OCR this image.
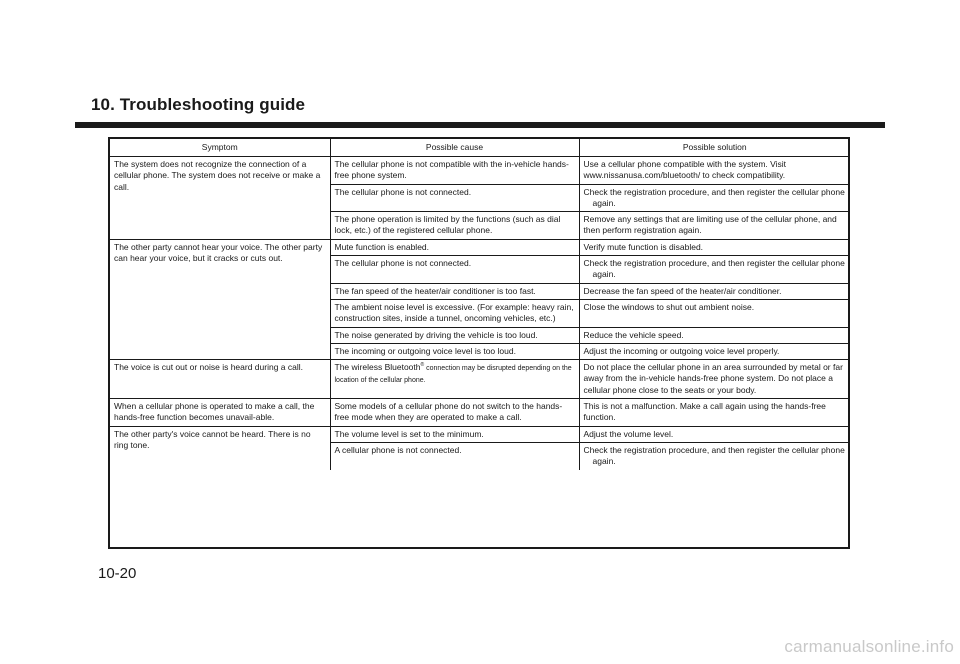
10. Troubleshooting guide
Symptom	Possible cause	Possible solution
The system does not recognize the connection of a cellular phone. The system does not receive or make a call.	The cellular phone is not compatible with the in-vehicle hands-free phone system.	Use a cellular phone compatible with the system. Visit www.nissanusa.com/bluetooth/ to check compatibility.
	The cellular phone is not connected.	Check the registration procedure, and then register the cellular phone again.

	The phone operation is limited by the functions (such as dial lock, etc.) of the registered cellular phone.	Remove any settings that are limiting use of the cellular phone, and then perform registration again.
The other party cannot hear your voice. The other party can hear your voice, but it cracks or cuts out.	Mute function is enabled.	Verify mute function is disabled.
	The cellular phone is not connected.	Check the registration procedure, and then register the cellular phone again.

	The fan speed of the heater/air conditioner is too fast.	Decrease the fan speed of the heater/air conditioner.
	The ambient noise level is excessive. (For example: heavy rain, construction sites, inside a tunnel, oncoming vehicles, etc.)	Close the windows to shut out ambient noise.
	The noise generated by driving the vehicle is too loud.	Reduce the vehicle speed.
	The incoming or outgoing voice level is too loud.	Adjust the incoming or outgoing voice level properly.
The voice is cut out or noise is heard during a call.	The wireless Bluetooth® connection may be disrupted depending on the location of the cellular phone.	Do not place the cellular phone in an area surrounded by metal or far away from the in-vehicle hands-free phone system. Do not place a cellular phone close to the seats or your body.
When a cellular phone is operated to make a call, the hands-free function becomes unavail-able.	Some models of a cellular phone do not switch to the hands-free mode when they are operated to make a call.	This is not a malfunction. Make a call again using the hands-free function.
The other party's voice cannot be heard. There is no ring tone.	The volume level is set to the minimum.	Adjust the volume level.
	A cellular phone is not connected.	Check the registration procedure, and then register the cellular phone again.
10-20
carmanualsonline.info
